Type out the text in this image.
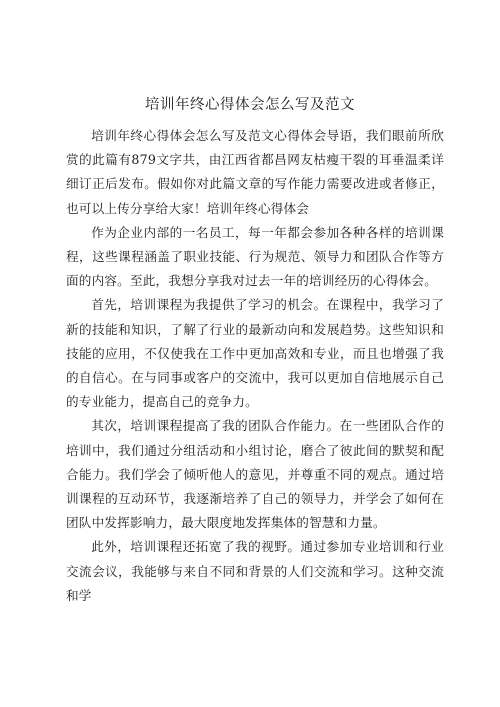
培训年终心得体会怎么写及范文

培训年终心得体会怎么写及范文心得体会导语，我们眼前所欣赏的此篇有879文字共，由江西省都昌网友枯瘦干裂的耳垂温柔详细订正后发布。假如你对此篇文章的写作能力需要改进或者修正，也可以上传分享给大家！培训年终心得体会

作为企业内部的一名员工，每一年都会参加各种各样的培训课程，这些课程涵盖了职业技能、行为规范、领导力和团队合作等方面的内容。至此，我想分享我对过去一年的培训经历的心得体会。

首先，培训课程为我提供了学习的机会。在课程中，我学习了新的技能和知识，了解了行业的最新动向和发展趋势。这些知识和技能的应用，不仅使我在工作中更加高效和专业，而且也增强了我的自信心。在与同事或客户的交流中，我可以更加自信地展示自己的专业能力，提高自己的竞争力。

其次，培训课程提高了我的团队合作能力。在一些团队合作的培训中，我们通过分组活动和小组讨论，磨合了彼此间的默契和配合能力。我们学会了倾听他人的意见，并尊重不同的观点。通过培训课程的互动环节，我逐渐培养了自己的领导力，并学会了如何在团队中发挥影响力，最大限度地发挥集体的智慧和力量。

此外，培训课程还拓宽了我的视野。通过参加专业培训和行业交流会议，我能够与来自不同和背景的人们交流和学习。这种交流和学
